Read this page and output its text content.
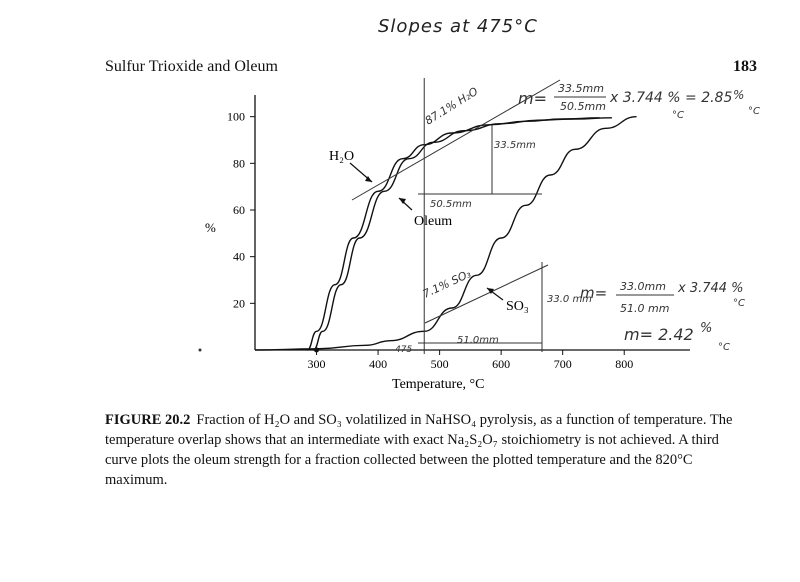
Slopes at 475°C
Sulfur Trioxide and Oleum	183
%
Temperature, °C
20
40
60
80
100
300	400	500	600	700	800
H₂O
Oleum
SO₃
475
87.1% H₂O
33.5mm
50.5mm
m=
33.5mm
50.5mm
x 3.744 % = 2.85 %
°C
°C
7.1% SO₃	33.0 mm
51.0mm
m= 33.0mm
51.0 mm
x 3.744 %
°C
m= 2.42 %
°C
FIGURE 20.2 Fraction of H₂O and SO₃ volatilized in NaHSO₄ pyrolysis, as a function of temperature. The temperature overlap shows that an intermediate with exact Na₂S₂O₇ stoichiometry is not achieved. A third curve plots the oleum strength for a fraction collected between the plotted temperature and the 820°C maximum.
